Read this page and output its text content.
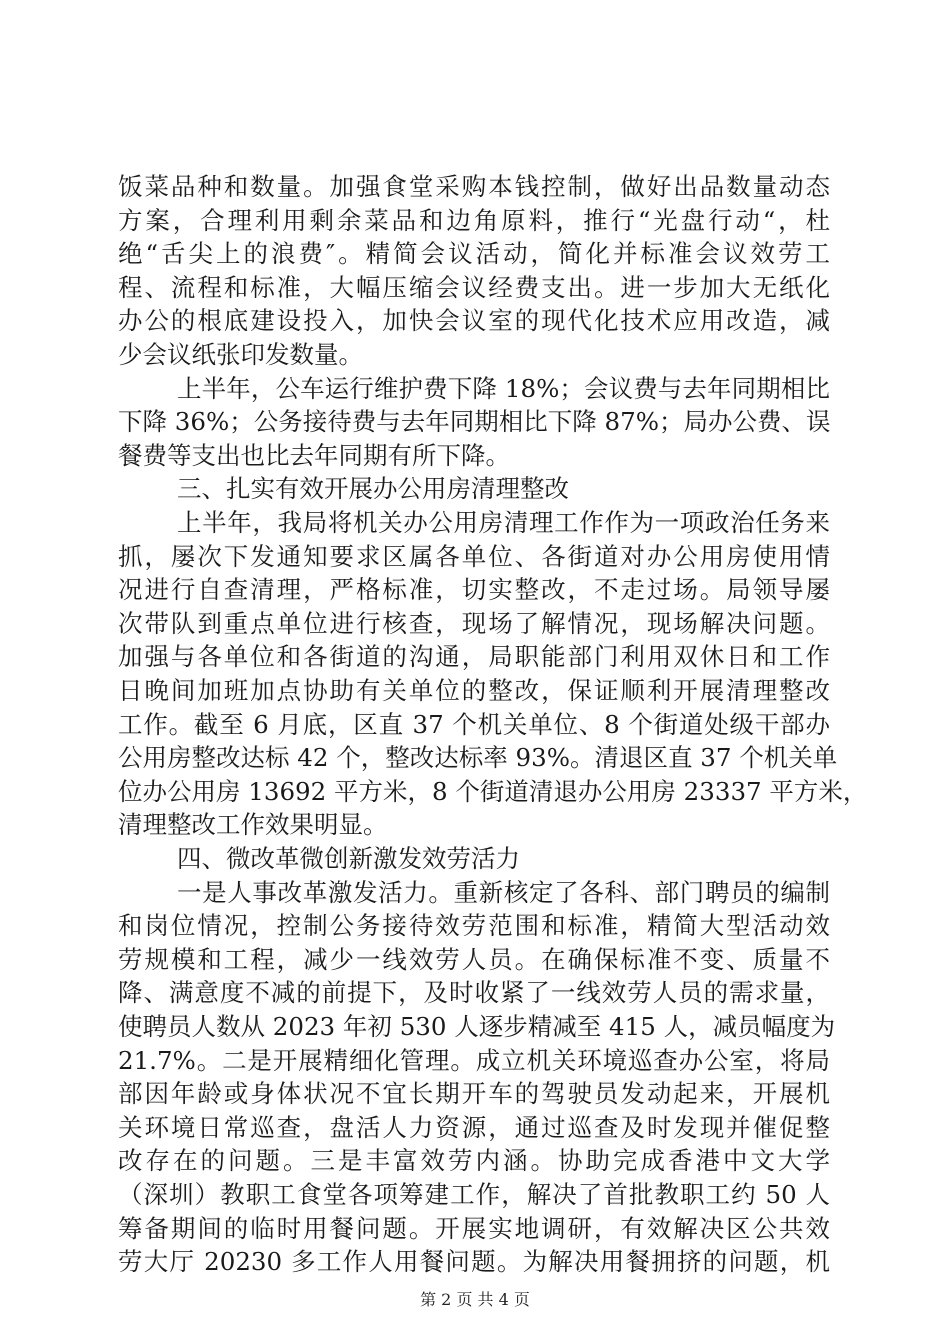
饭菜品种和数量。加强食堂采购本钱控制，做好出品数量动态
方案，合理利用剩余菜品和边角原料，推行“光盘行动“，杜
绝“舌尖上的浪费″。精简会议活动，简化并标准会议效劳工
程、流程和标准，大幅压缩会议经费支出。进一步加大无纸化
办公的根底建设投入，加快会议室的现代化技术应用改造，减
少会议纸张印发数量。
上半年，公车运行维护费下降 18%；会议费与去年同期相比
下降 36%；公务接待费与去年同期相比下降 87%；局办公费、误
餐费等支出也比去年同期有所下降。
三、扎实有效开展办公用房清理整改
上半年，我局将机关办公用房清理工作作为一项政治任务来
抓，屡次下发通知要求区属各单位、各街道对办公用房使用情
况进行自查清理，严格标准，切实整改，不走过场。局领导屡
次带队到重点单位进行核查，现场了解情况，现场解决问题。
加强与各单位和各街道的沟通，局职能部门利用双休日和工作
日晚间加班加点协助有关单位的整改，保证顺利开展清理整改
工作。截至 6 月底，区直 37 个机关单位、8 个街道处级干部办
公用房整改达标 42 个，整改达标率 93%。清退区直 37 个机关单
位办公用房 13692 平方米，8 个街道清退办公用房 23337 平方米，
清理整改工作效果明显。
四、微改革微创新激发效劳活力
一是人事改革激发活力。重新核定了各科、部门聘员的编制
和岗位情况，控制公务接待效劳范围和标准，精简大型活动效
劳规模和工程，减少一线效劳人员。在确保标准不变、质量不
降、满意度不减的前提下，及时收紧了一线效劳人员的需求量，
使聘员人数从 2023 年初 530 人逐步精减至 415 人，减员幅度为
21.7%。二是开展精细化管理。成立机关环境巡查办公室，将局
部因年龄或身体状况不宜长期开车的驾驶员发动起来，开展机
关环境日常巡查，盘活人力资源，通过巡查及时发现并催促整
改存在的问题。三是丰富效劳内涵。协助完成香港中文大学
（深圳）教职工食堂各项筹建工作，解决了首批教职工约 50 人
筹备期间的临时用餐问题。开展实地调研，有效解决区公共效
劳大厅 20230 多工作人用餐问题。为解决用餐拥挤的问题，机
第 2 页 共 4 页
